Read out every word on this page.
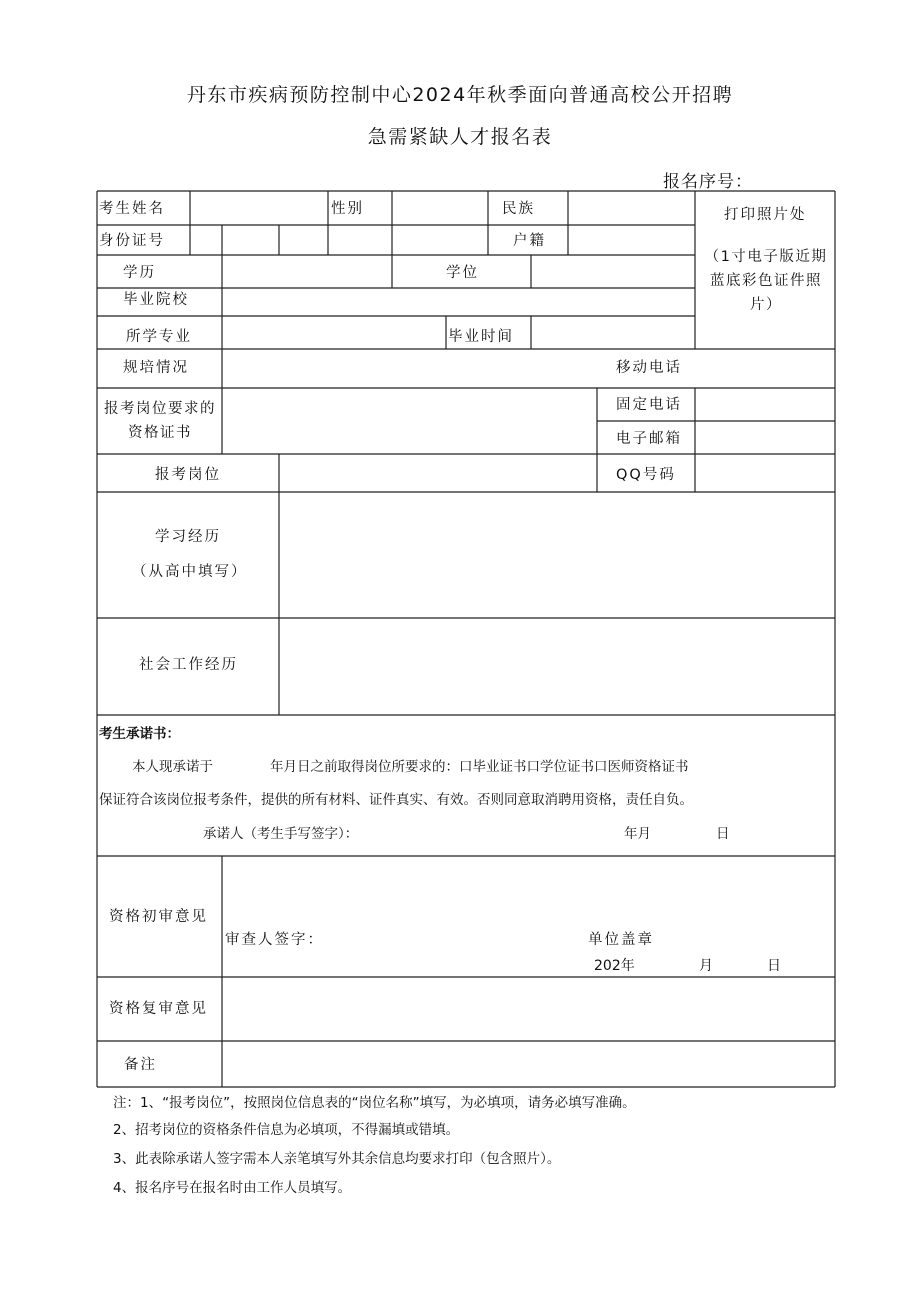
丹东市疾病预防控制中心2024年秋季面向普通高校公开招聘
急需紧缺人才报名表
报名序号：
考生姓名	性别	民族	打印照片处
（1寸电子版近期蓝底彩色证件照片）
身份证号	户籍
学历	学位
毕业院校
所学专业	毕业时间
规培情况	移动电话
报考岗位要求的资格证书
固定电话
电子邮箱
报考岗位	QQ号码
学习经历
（从高中填写）
社会工作经历
考生承诺书：
本人现承诺于	年月日之前取得岗位所要求的：口毕业证书口学位证书口医师资格证书
保证符合该岗位报考条件，提供的所有材料、证件真实、有效。否则同意取消聘用资格，责任自负。
承诺人（考生手写签字）：	年月	日
资格初审意见
审查人签字：	单位盖章
202年	月	日
资格复审意见
备注
注：1、“报考岗位”，按照岗位信息表的“岗位名称”填写，为必填项，请务必填写准确。
2、招考岗位的资格条件信息为必填项，不得漏填或错填。
3、此表除承诺人签字需本人亲笔填写外其余信息均要求打印（包含照片）。
4、报名序号在报名时由工作人员填写。
